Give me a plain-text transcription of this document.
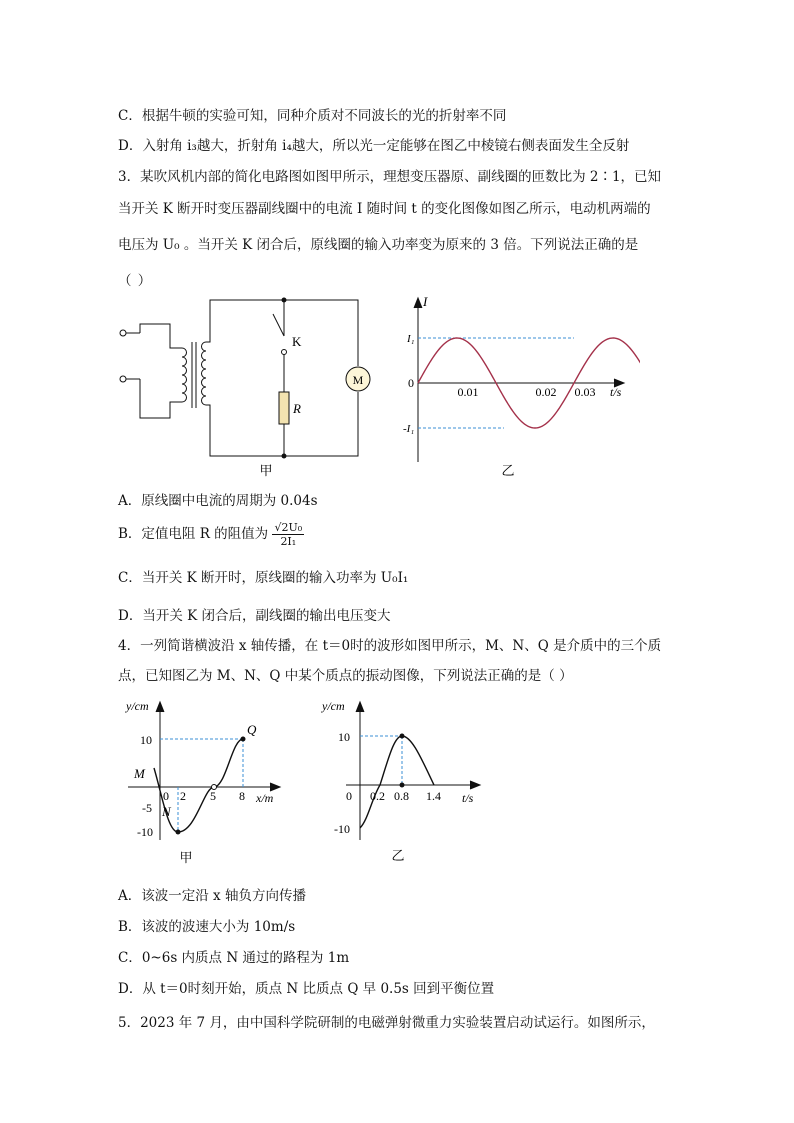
C．根据牛顿的实验可知，同种介质对不同波长的光的折射率不同
D．入射角 i₃越大，折射角 i₄越大，所以光一定能够在图乙中棱镜右侧表面发生全反射
3．某吹风机内部的简化电路图如图甲所示，理想变压器原、副线圈的匝数比为 2∶1，已知
当开关 K 断开时变压器副线圈中的电流 I 随时间 t 的变化图像如图乙所示，电动机两端的
电压为 U₀ 。当开关 K 闭合后，原线圈的输入功率变为原来的 3 倍。下列说法正确的是
（ ）
K
R
M
甲
I
I₁
-I₁
0
0.01	0.02 0.03 t/s
乙
A．原线圈中电流的周期为 0.04s
B．定值电阻 R 的阻值为 $\frac{\text{√2U₀}}{\text{2I₁}}$
C．当开关 K 断开时，原线圈的输入功率为 U₀I₁
D．当开关 K 闭合后，副线圈的输出电压变大
4．一列简谐横波沿 x 轴传播，在 t＝0时的波形如图甲所示，M、N、Q 是介质中的三个质
点，已知图乙为 M、N、Q 中某个质点的振动图像，下列说法正确的是（ ）
y/cm
10
-5
-10
0 2 5 8 x/m
M
N
Q
甲
y/cm
10
-10
0 0.2 0.8 1.4 t/s
乙
A．该波一定沿 x 轴负方向传播
B．该波的波速大小为 10m/s
C．0~6s 内质点 N 通过的路程为 1m
D．从 t＝0时刻开始，质点 N 比质点 Q 早 0.5s 回到平衡位置
5．2023 年 7 月，由中国科学院研制的电磁弹射微重力实验装置启动试运行。如图所示，
